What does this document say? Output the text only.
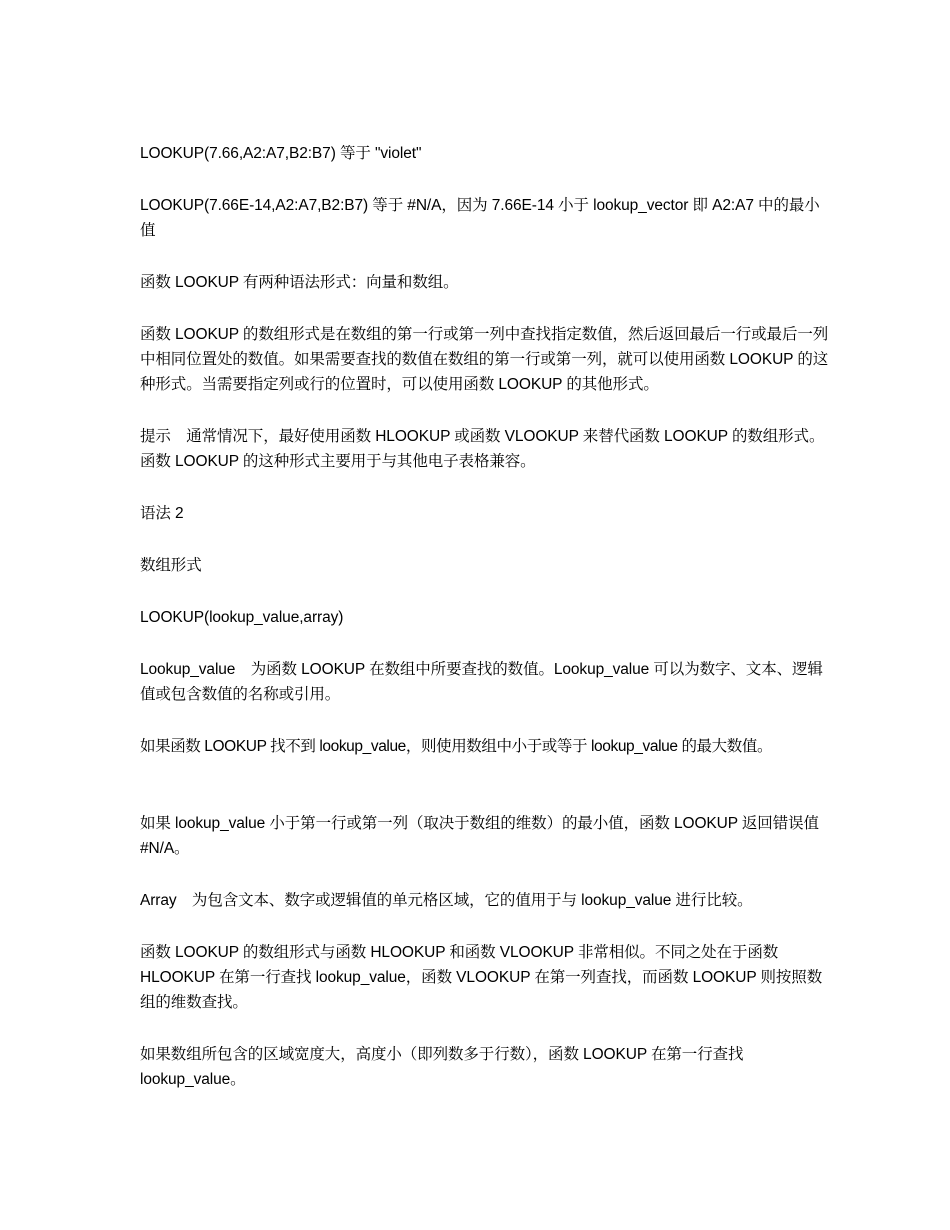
LOOKUP(7.66,A2:A7,B2:B7) 等于 "violet"

LOOKUP(7.66E-14,A2:A7,B2:B7) 等于 #N/A，因为 7.66E-14 小于 lookup_vector 即 A2:A7 中的最小值

函数 LOOKUP 有两种语法形式：向量和数组。

函数 LOOKUP 的数组形式是在数组的第一行或第一列中查找指定数值，然后返回最后一行或最后一列中相同位置处的数值。如果需要查找的数值在数组的第一行或第一列，就可以使用函数 LOOKUP 的这种形式。当需要指定列或行的位置时，可以使用函数 LOOKUP 的其他形式。

提示　通常情况下，最好使用函数 HLOOKUP 或函数 VLOOKUP 来替代函数 LOOKUP 的数组形式。函数 LOOKUP 的这种形式主要用于与其他电子表格兼容。

语法 2

数组形式

LOOKUP(lookup_value,array)

Lookup_value　为函数 LOOKUP 在数组中所要查找的数值。Lookup_value 可以为数字、文本、逻辑值或包含数值的名称或引用。

如果函数 LOOKUP 找不到 lookup_value，则使用数组中小于或等于 lookup_value 的最大数值。

如果 lookup_value 小于第一行或第一列（取决于数组的维数）的最小值，函数 LOOKUP 返回错误值 #N/A。

Array　为包含文本、数字或逻辑值的单元格区域，它的值用于与 lookup_value 进行比较。

函数 LOOKUP 的数组形式与函数 HLOOKUP 和函数 VLOOKUP 非常相似。不同之处在于函数 HLOOKUP 在第一行查找 lookup_value，函数 VLOOKUP 在第一列查找，而函数 LOOKUP 则按照数组的维数查找。

如果数组所包含的区域宽度大，高度小（即列数多于行数），函数 LOOKUP 在第一行查找 lookup_value。
